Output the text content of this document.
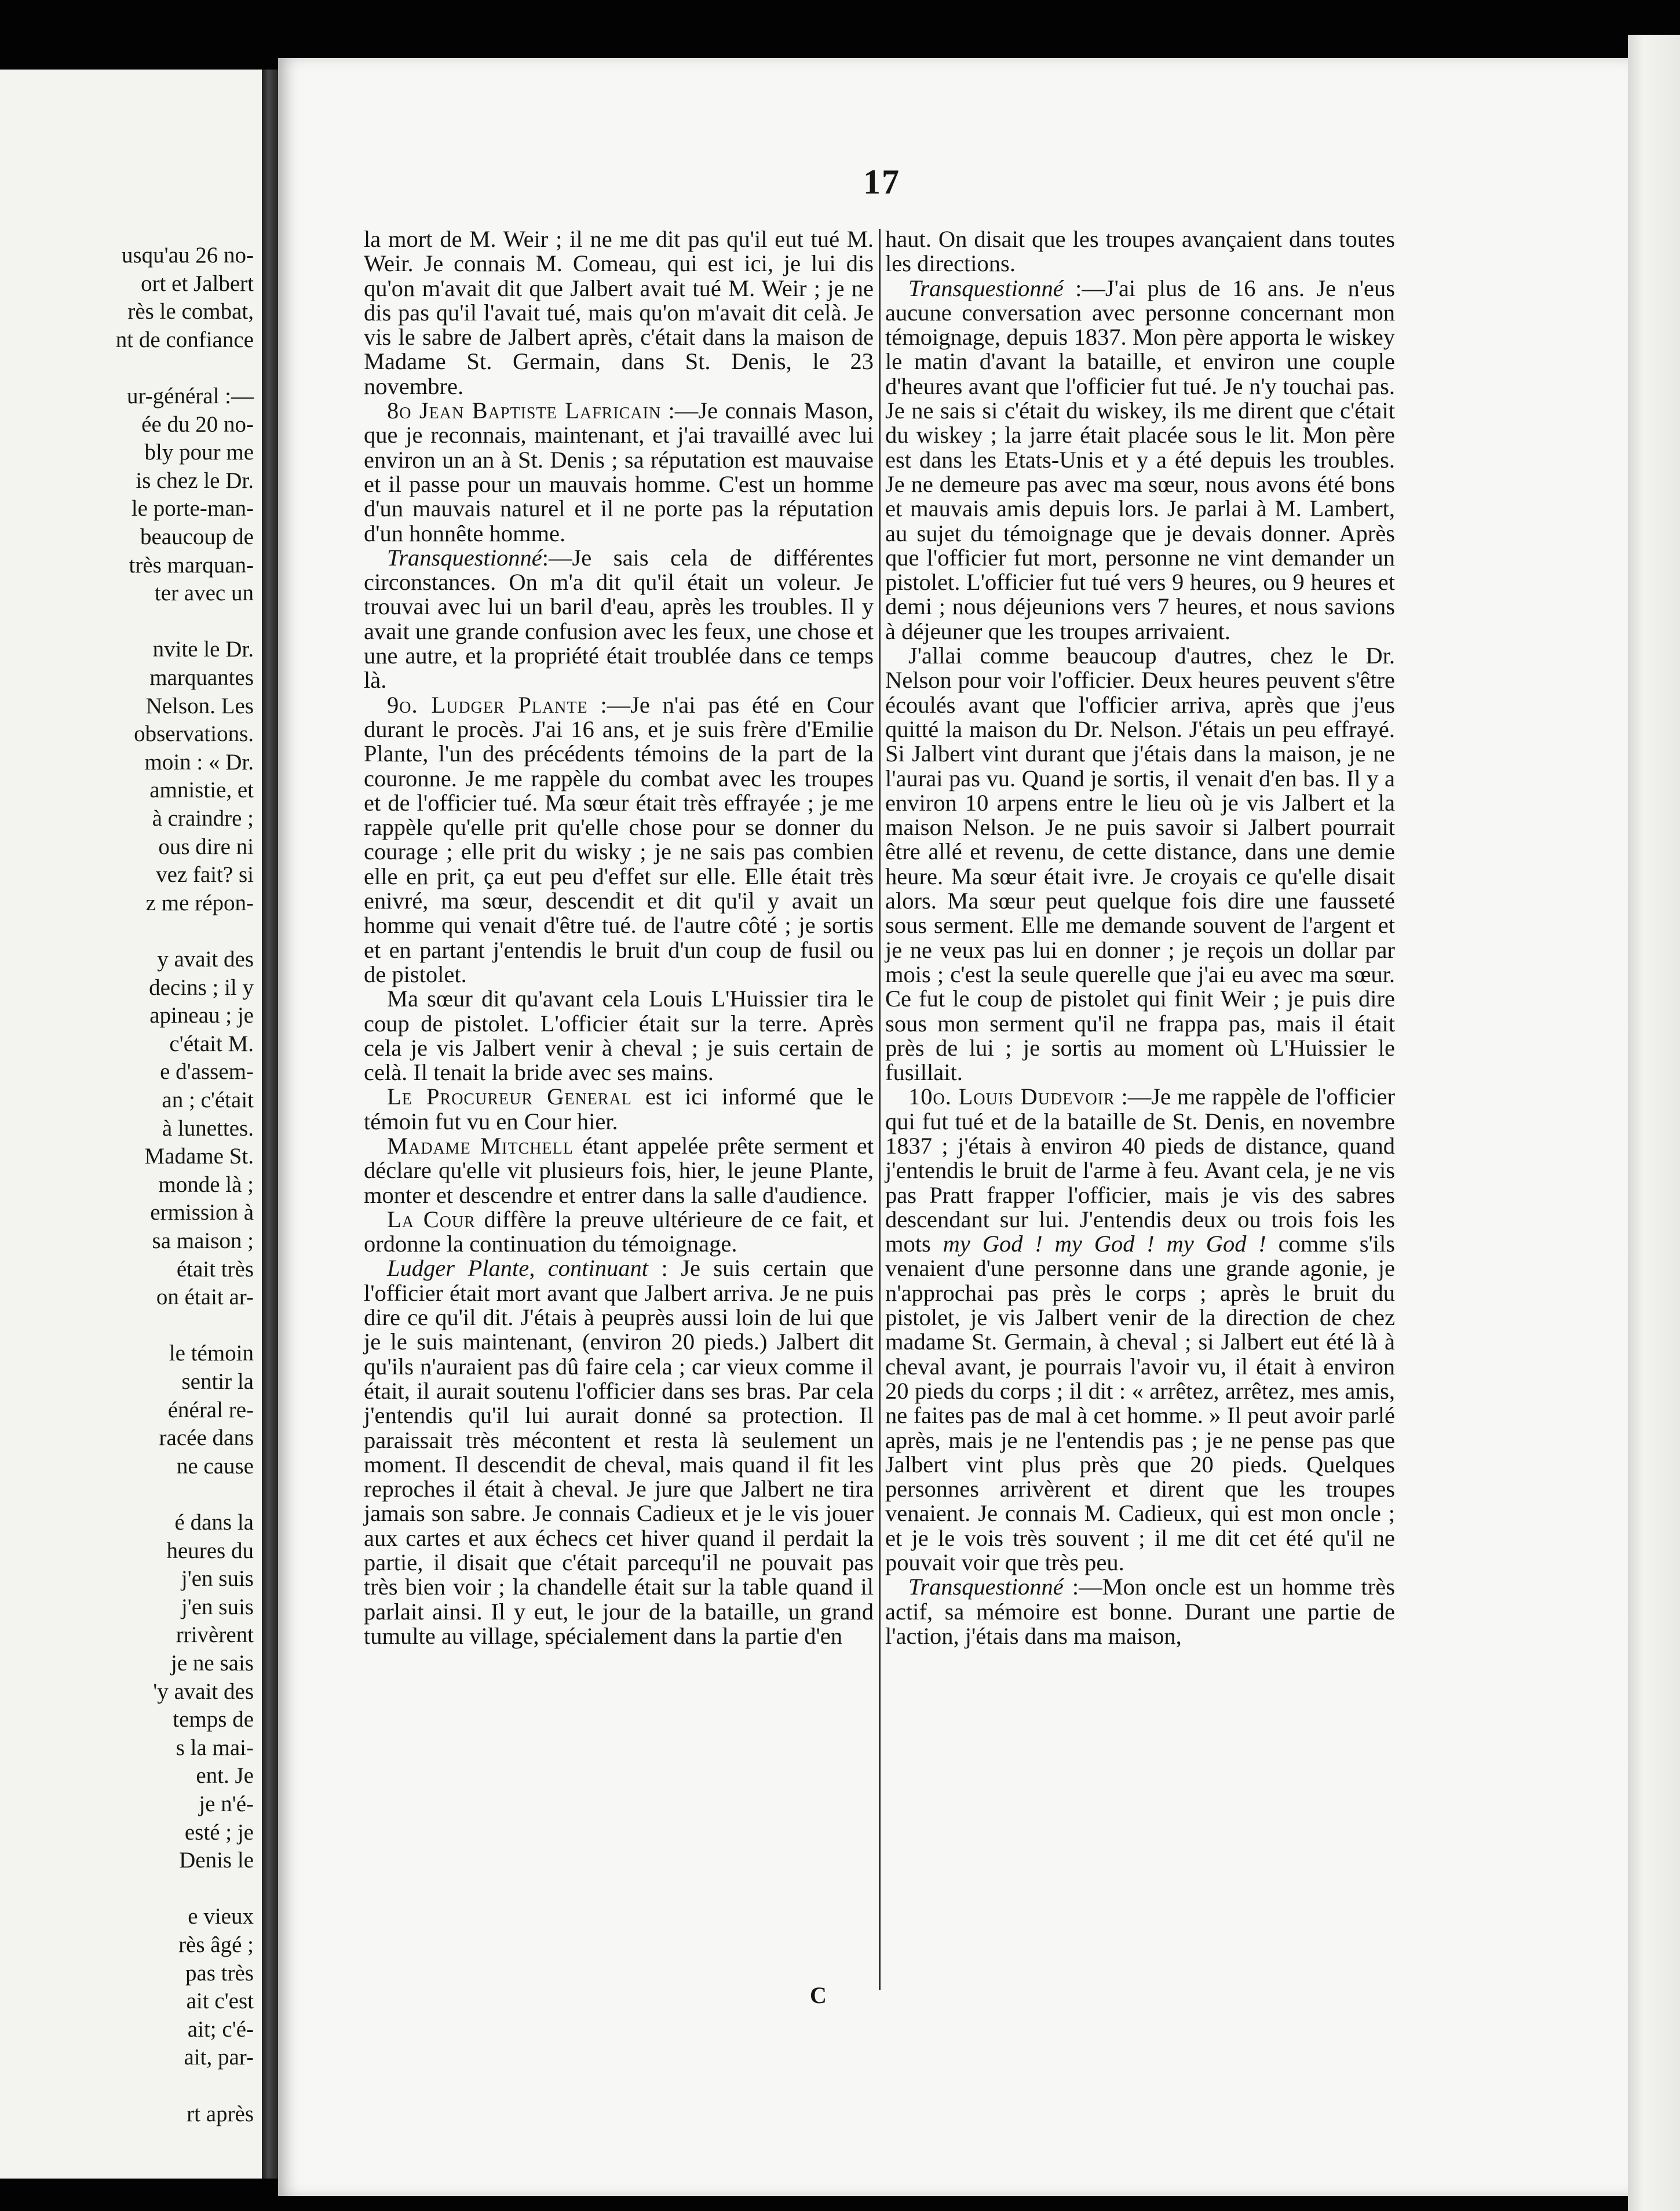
usqu'au 26 no-
ort et Jalbert
rès le combat,
nt de confiance
ur-général :—
ée du 20 no-
bly pour me
is chez le Dr.
le porte-man-
beaucoup de
très marquan-
ter avec un
nvite le Dr.
marquantes
Nelson. Les
observations.
moin : « Dr.
amnistie, et
à craindre ;
ous dire ni
vez fait? si
z me répon-
y avait des
decins ; il y
apineau ; je
c'était M.
e d'assem-
an ; c'était
à lunettes.
Madame St.
monde là ;
ermission à
sa maison ;
était très
on était ar-
le témoin
sentir la
énéral re-
racée dans
ne cause
é dans la
heures du
j'en suis
j'en suis
rrivèrent
je ne sais
'y avait des
temps de
s la mai-
ent. Je
je n'é-
esté ; je
Denis le
e vieux
rès âgé ;
pas très
ait c'est
ait; c'é-
ait, par-
rt après
17

la mort de M. Weir ; il ne me dit pas qu'il eut tué M. Weir. Je connais M. Comeau, qui est ici, je lui dis qu'on m'avait dit que Jalbert avait tué M. Weir ; je ne dis pas qu'il l'avait tué, mais qu'on m'avait dit celà. Je vis le sabre de Jalbert après, c'était dans la maison de Madame St. Germain, dans St. Denis, le 23 novembre.

8o Jean Baptiste Lafricain :—Je connais Mason, que je reconnais, maintenant, et j'ai travaillé avec lui environ un an à St. Denis ; sa réputation est mauvaise et il passe pour un mauvais homme. C'est un homme d'un mauvais naturel et il ne porte pas la réputation d'un honnête homme.

Transquestionné:—Je sais cela de différentes circonstances. On m'a dit qu'il était un voleur. Je trouvai avec lui un baril d'eau, après les troubles. Il y avait une grande confusion avec les feux, une chose et une autre, et la propriété était troublée dans ce temps là.

9o. Ludger Plante :—Je n'ai pas été en Cour durant le procès. J'ai 16 ans, et je suis frère d'Emilie Plante, l'un des précédents témoins de la part de la couronne. Je me rappèle du combat avec les troupes et de l'officier tué. Ma sœur était très effrayée ; je me rappèle qu'elle prit qu'elle chose pour se donner du courage ; elle prit du wisky ; je ne sais pas combien elle en prit, ça eut peu d'effet sur elle. Elle était très enivré, ma sœur, descendit et dit qu'il y avait un homme qui venait d'être tué. de l'autre côté ; je sortis et en partant j'entendis le bruit d'un coup de fusil ou de pistolet.

Ma sœur dit qu'avant cela Louis L'Huissier tira le coup de pistolet. L'officier était sur la terre. Après cela je vis Jalbert venir à cheval ; je suis certain de celà. Il tenait la bride avec ses mains.

Le Procureur General est ici informé que le témoin fut vu en Cour hier.

Madame Mitchell étant appelée prête serment et déclare qu'elle vit plusieurs fois, hier, le jeune Plante, monter et descendre et entrer dans la salle d'audience.

La Cour diffère la preuve ultérieure de ce fait, et ordonne la continuation du témoignage.

Ludger Plante, continuant : Je suis certain que l'officier était mort avant que Jalbert arriva. Je ne puis dire ce qu'il dit. J'étais à peuprès aussi loin de lui que je le suis maintenant, (environ 20 pieds.) Jalbert dit qu'ils n'auraient pas dû faire cela ; car vieux comme il était, il aurait soutenu l'officier dans ses bras. Par cela j'entendis qu'il lui aurait donné sa protection. Il paraissait très mécontent et resta là seulement un moment. Il descendit de cheval, mais quand il fit les reproches il était à cheval. Je jure que Jalbert ne tira jamais son sabre. Je connais Cadieux et je le vis jouer aux cartes et aux échecs cet hiver quand il perdait la partie, il disait que c'était parcequ'il ne pouvait pas très bien voir ; la chandelle était sur la table quand il parlait ainsi. Il y eut, le jour de la bataille, un grand tumulte au village, spécialement dans la partie d'en

haut. On disait que les troupes avançaient dans toutes les directions.

Transquestionné :—J'ai plus de 16 ans. Je n'eus aucune conversation avec personne concernant mon témoignage, depuis 1837. Mon père apporta le wiskey le matin d'avant la bataille, et environ une couple d'heures avant que l'officier fut tué. Je n'y touchai pas. Je ne sais si c'était du wiskey, ils me dirent que c'était du wiskey ; la jarre était placée sous le lit. Mon père est dans les Etats-Unis et y a été depuis les troubles. Je ne demeure pas avec ma sœur, nous avons été bons et mauvais amis depuis lors. Je parlai à M. Lambert, au sujet du témoignage que je devais donner. Après que l'officier fut mort, personne ne vint demander un pistolet. L'officier fut tué vers 9 heures, ou 9 heures et demi ; nous déjeunions vers 7 heures, et nous savions à déjeuner que les troupes arrivaient.

J'allai comme beaucoup d'autres, chez le Dr. Nelson pour voir l'officier. Deux heures peuvent s'être écoulés avant que l'officier arriva, après que j'eus quitté la maison du Dr. Nelson. J'étais un peu effrayé. Si Jalbert vint durant que j'étais dans la maison, je ne l'aurai pas vu. Quand je sortis, il venait d'en bas. Il y a environ 10 arpens entre le lieu où je vis Jalbert et la maison Nelson. Je ne puis savoir si Jalbert pourrait être allé et revenu, de cette distance, dans une demie heure. Ma sœur était ivre. Je croyais ce qu'elle disait alors. Ma sœur peut quelque fois dire une fausseté sous serment. Elle me demande souvent de l'argent et je ne veux pas lui en donner ; je reçois un dollar par mois ; c'est la seule querelle que j'ai eu avec ma sœur. Ce fut le coup de pistolet qui finit Weir ; je puis dire sous mon serment qu'il ne frappa pas, mais il était près de lui ; je sortis au moment où L'Huissier le fusillait.

10o. Louis Dudevoir :—Je me rappèle de l'officier qui fut tué et de la bataille de St. Denis, en novembre 1837 ; j'étais à environ 40 pieds de distance, quand j'entendis le bruit de l'arme à feu. Avant cela, je ne vis pas Pratt frapper l'officier, mais je vis des sabres descendant sur lui. J'entendis deux ou trois fois les mots my God ! my God ! my God ! comme s'ils venaient d'une personne dans une grande agonie, je n'approchai pas près le corps ; après le bruit du pistolet, je vis Jalbert venir de la direction de chez madame St. Germain, à cheval ; si Jalbert eut été là à cheval avant, je pourrais l'avoir vu, il était à environ 20 pieds du corps ; il dit : « arrêtez, arrêtez, mes amis, ne faites pas de mal à cet homme. » Il peut avoir parlé après, mais je ne l'entendis pas ; je ne pense pas que Jalbert vint plus près que 20 pieds. Quelques personnes arrivèrent et dirent que les troupes venaient. Je connais M. Cadieux, qui est mon oncle ; et je le vois très souvent ; il me dit cet été qu'il ne pouvait voir que très peu.

Transquestionné :—Mon oncle est un homme très actif, sa mémoire est bonne. Durant une partie de l'action, j'étais dans ma maison,

C
